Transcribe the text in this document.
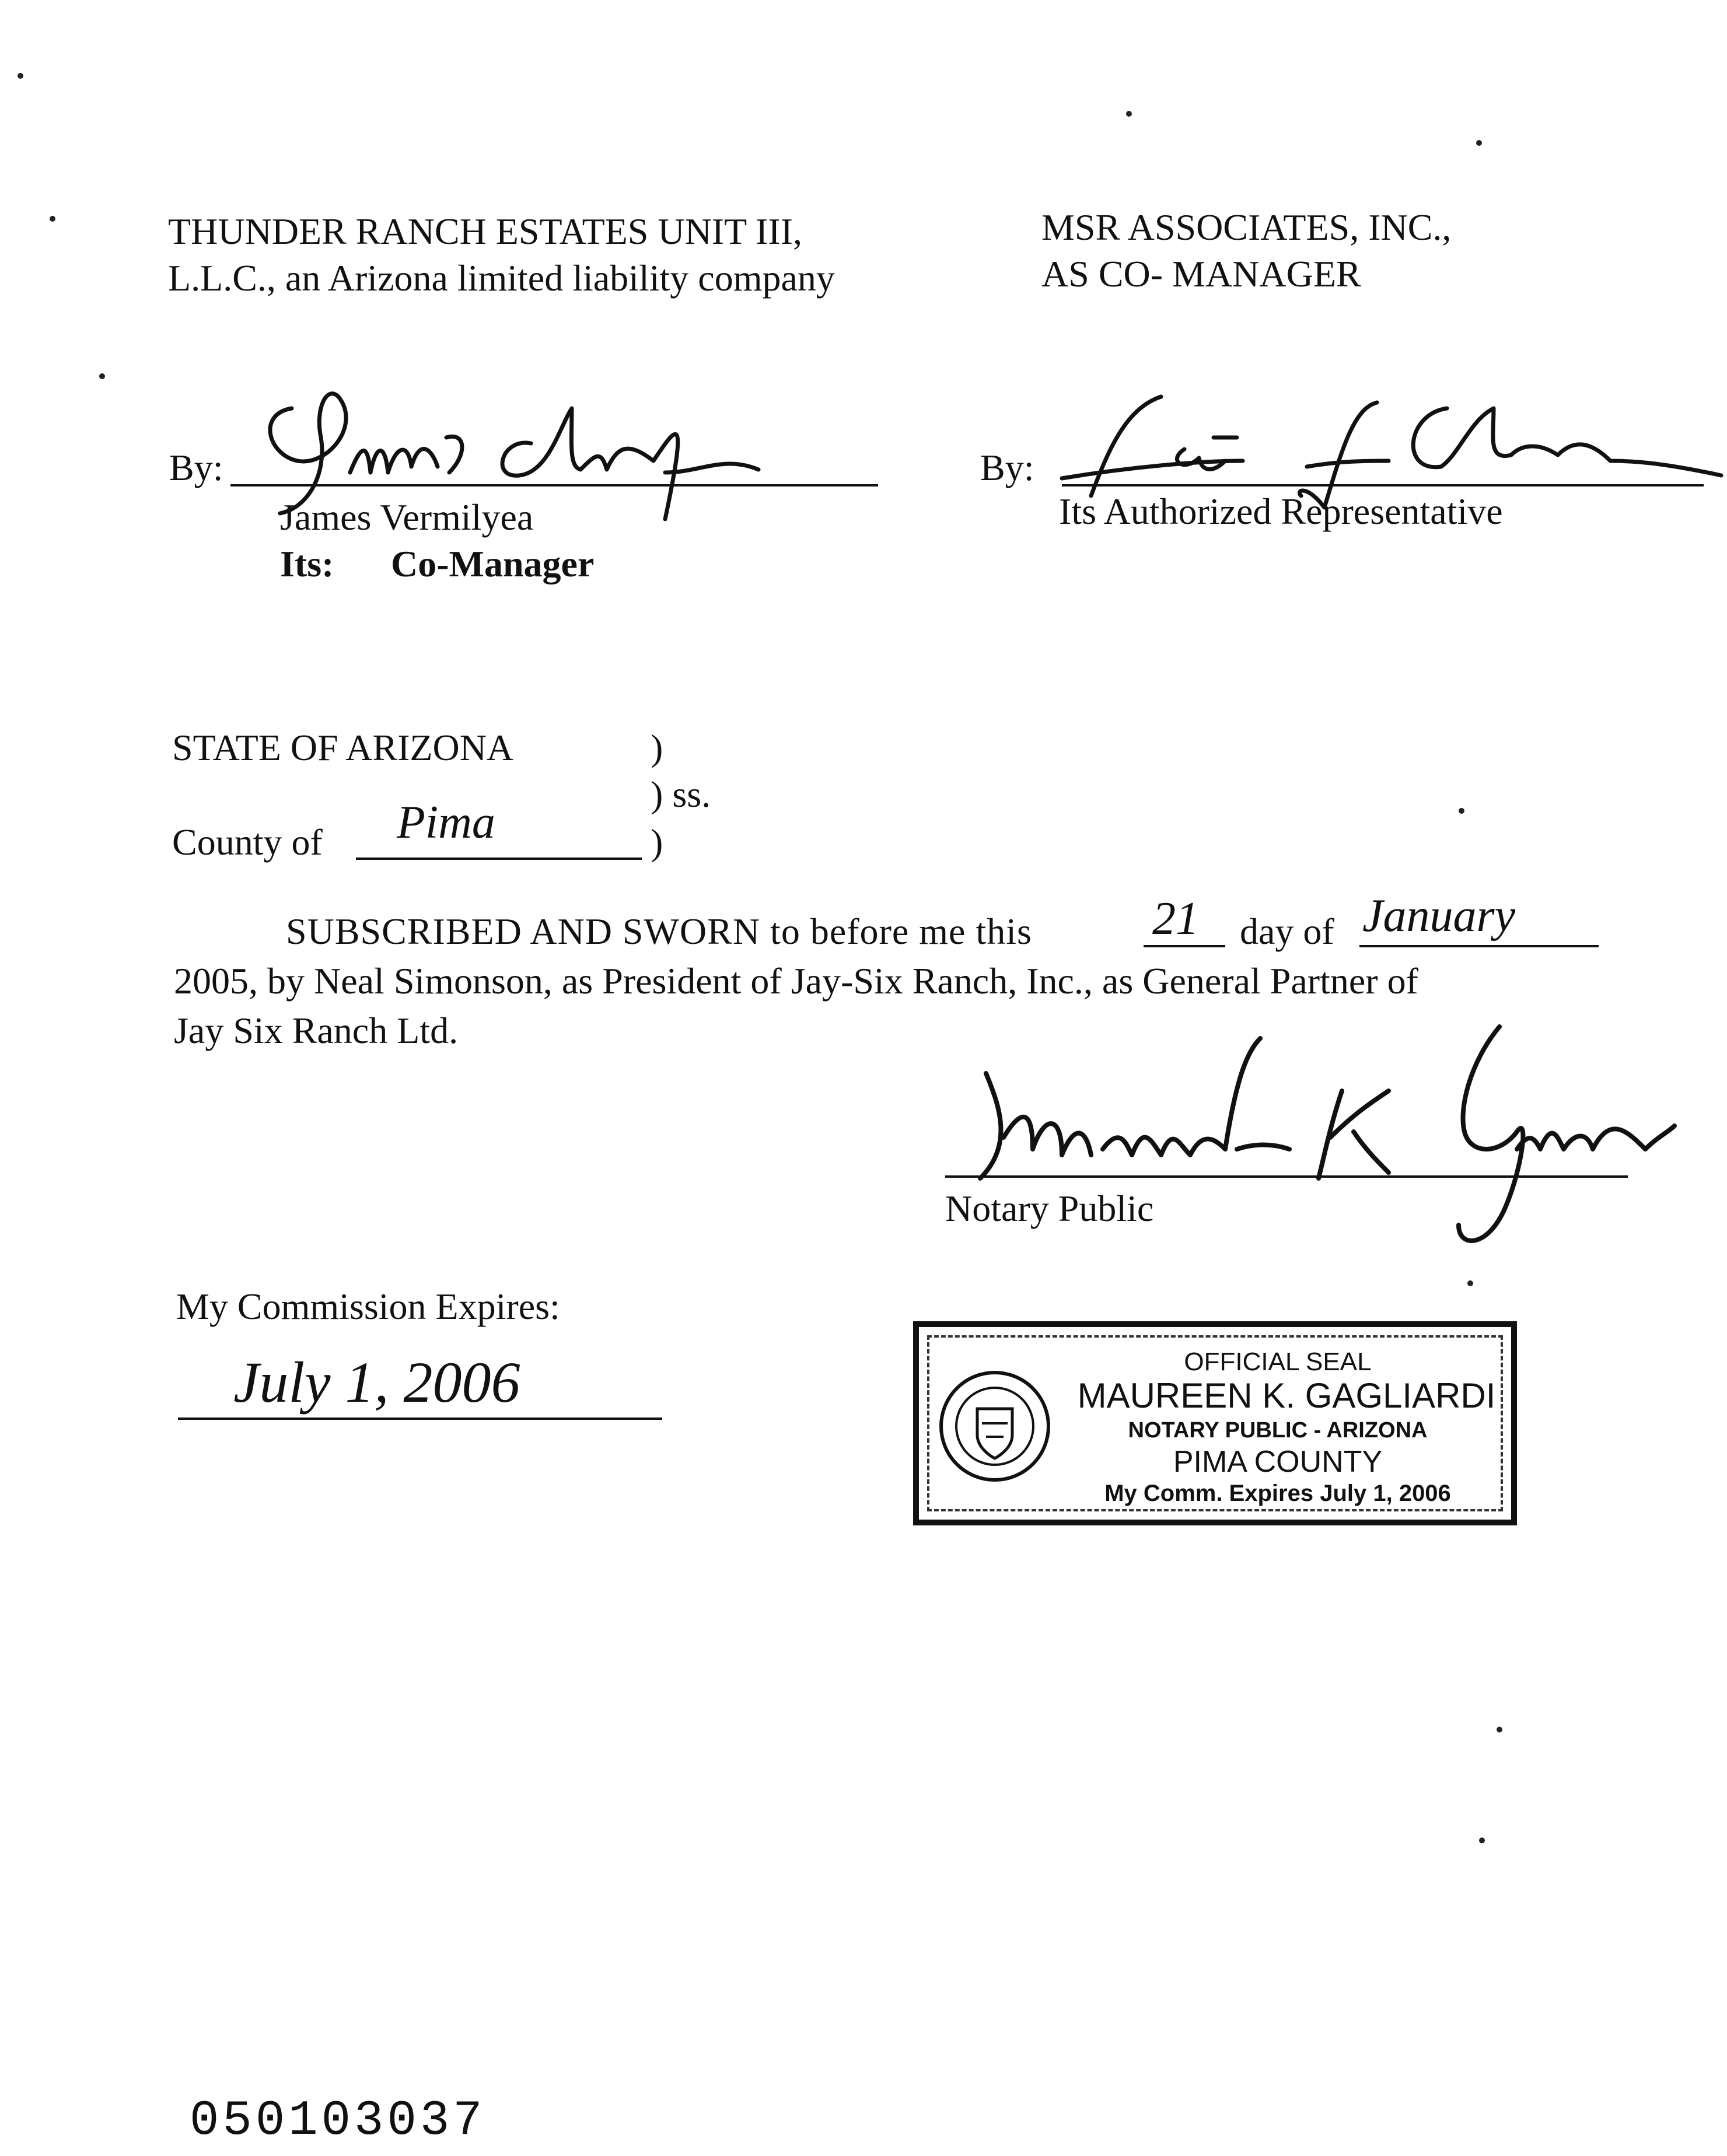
THUNDER RANCH ESTATES UNIT III,
L.L.C., an Arizona limited liability company
MSR ASSOCIATES, INC.,
AS CO- MANAGER
By:
James Vermilyea
Its: Co-Manager
By:
Its Authorized Representative
STATE OF ARIZONA	)
) ss.
County of Pima	)
SUBSCRIBED AND SWORN to before me this	21 day of January
2005, by Neal Simonson, as President of Jay-Six Ranch, Inc., as General Partner of
Jay Six Ranch Ltd.
Notary Public
My Commission Expires:
July 1, 2006	OFFICIAL SEAL
MAUREEN K. GAGLIARDI
NOTARY PUBLIC - ARIZONA
PIMA COUNTY
My Comm. Expires July 1, 2006
050103037
